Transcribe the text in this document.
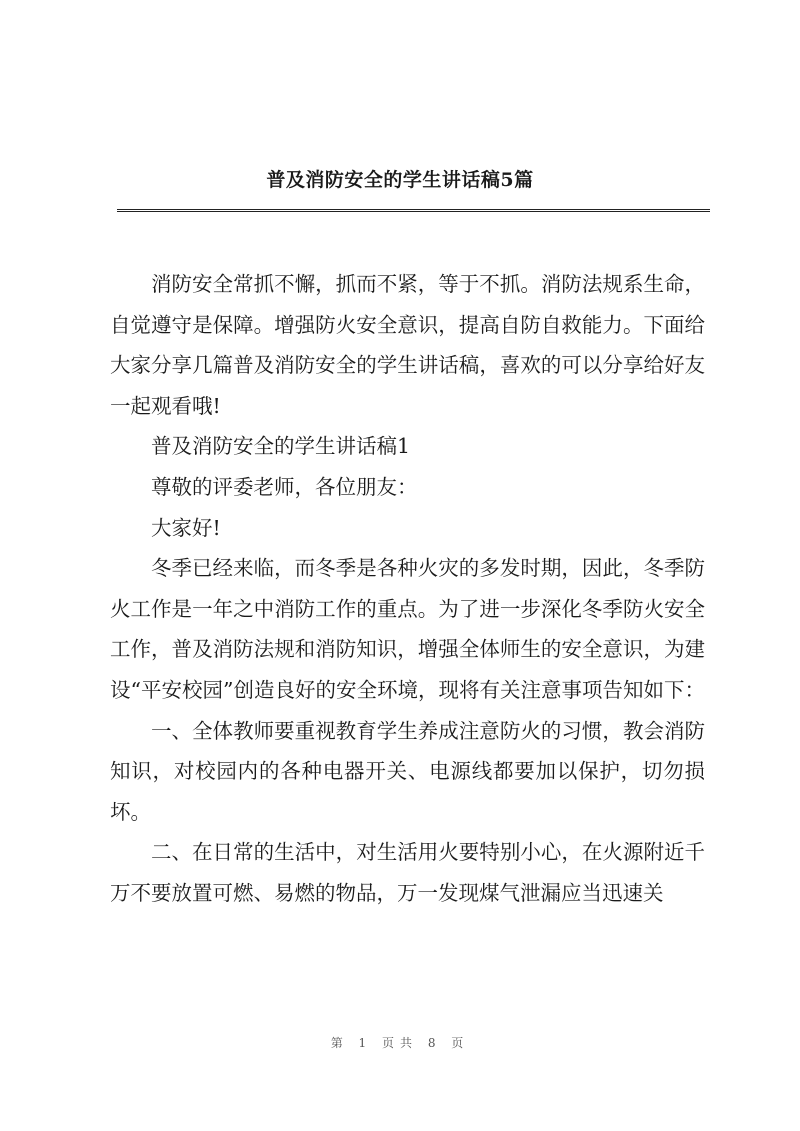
普及消防安全的学生讲话稿5篇

消防安全常抓不懈，抓而不紧，等于不抓。消防法规系生命，自觉遵守是保障。增强防火安全意识，提高自防自救能力。下面给大家分享几篇普及消防安全的学生讲话稿，喜欢的可以分享给好友一起观看哦!

普及消防安全的学生讲话稿1

尊敬的评委老师，各位朋友：

大家好!

冬季已经来临，而冬季是各种火灾的多发时期，因此，冬季防火工作是一年之中消防工作的重点。为了进一步深化冬季防火安全工作，普及消防法规和消防知识，增强全体师生的安全意识，为建设“平安校园”创造良好的安全环境，现将有关注意事项告知如下：

一、全体教师要重视教育学生养成注意防火的习惯，教会消防知识，对校园内的各种电器开关、电源线都要加以保护，切勿损坏。

二、在日常的生活中，对生活用火要特别小心，在火源附近千万不要放置可燃、易燃的物品，万一发现煤气泄漏应当迅速关

第 1 页共 8 页
